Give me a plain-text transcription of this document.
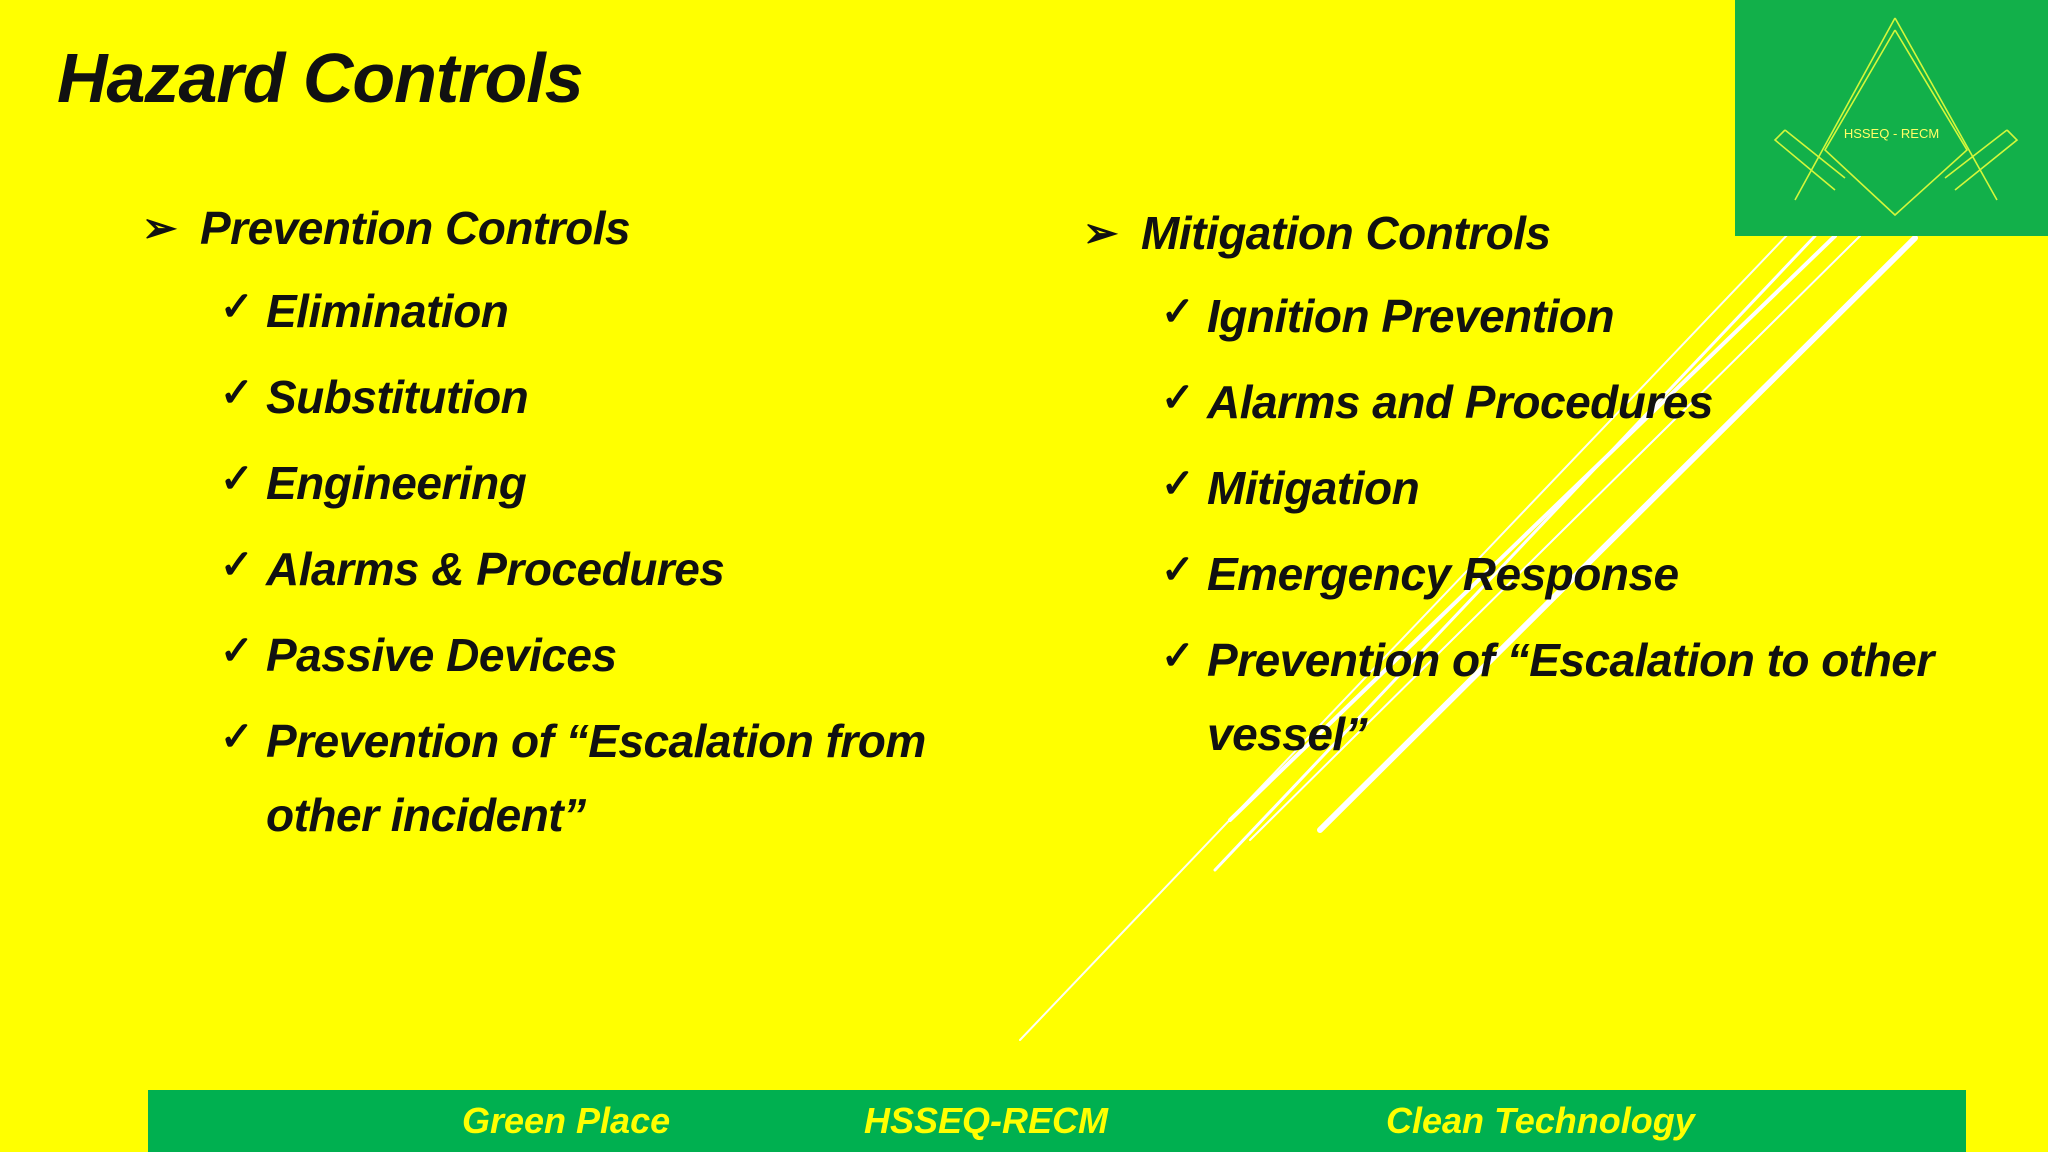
Hazard Controls
➢ Prevention Controls
✓ Elimination
✓ Substitution
✓ Engineering
✓ Alarms & Procedures
✓ Passive Devices
✓ Prevention of “Escalation from other incident”
➢ Mitigation Controls
✓ Ignition Prevention
✓ Alarms and Procedures
✓ Mitigation
✓ Emergency Response
✓ Prevention of “Escalation to other vessel”
HSSEQ - RECM
Green Place	HSSEQ-RECM	Clean Technology
